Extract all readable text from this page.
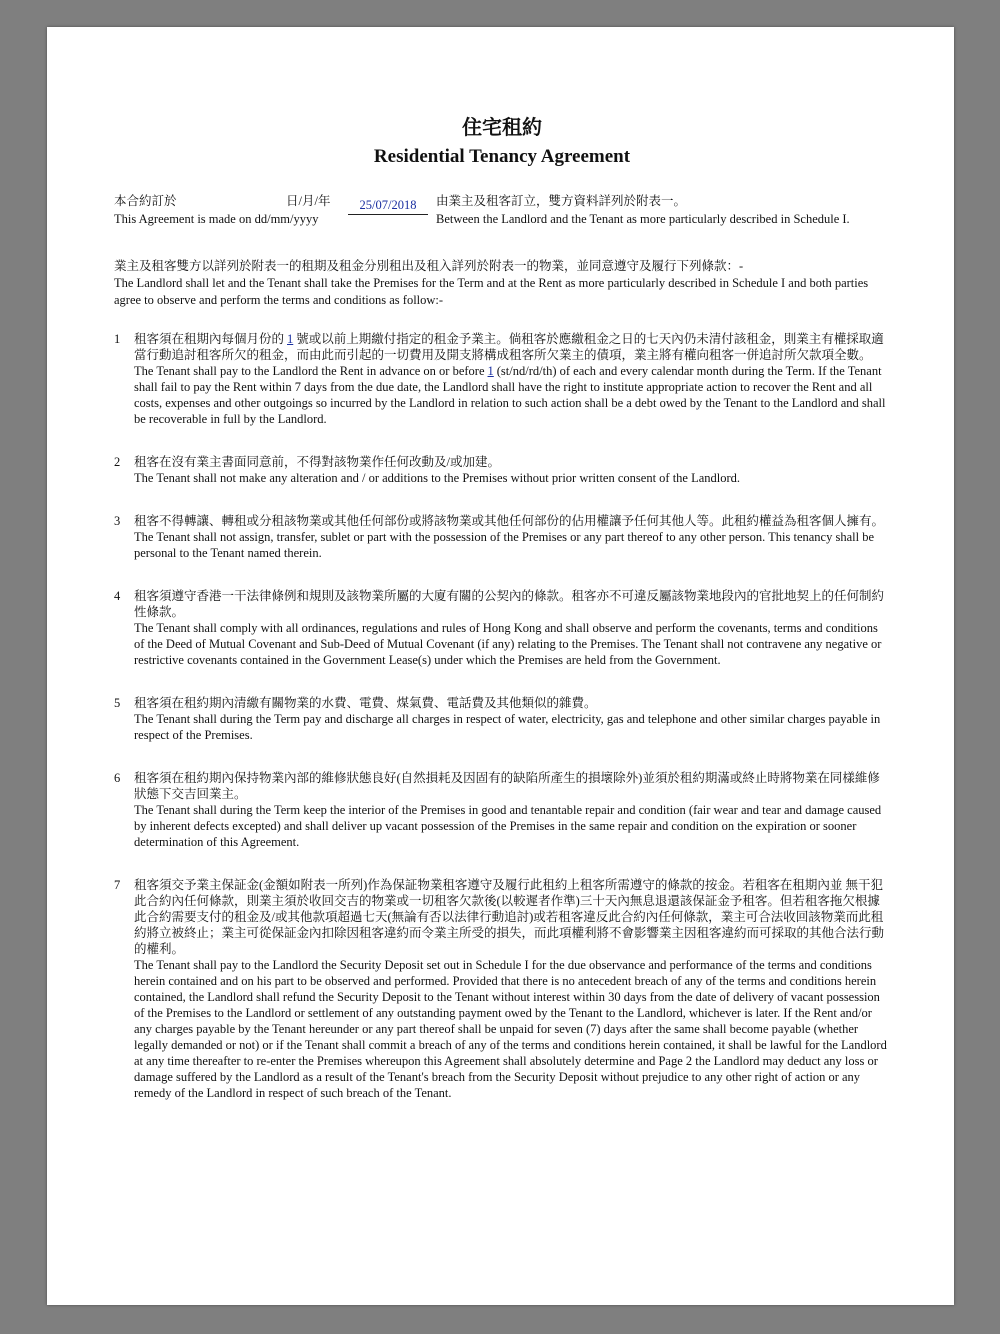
住宅租約
Residential Tenancy Agreement
本合約訂於
This Agreement is made on dd/mm/yyyy
日/月/年	25/07/2018	由業主及租客訂立，雙方資料詳列於附表一。
Between the Landlord and the Tenant as more particularly described in Schedule I.
業主及租客雙方以詳列於附表一的租期及租金分別租出及租入詳列於附表一的物業，並同意遵守及履行下列條款：-
The Landlord shall let and the Tenant shall take the Premises for the Term and at the Rent as more particularly described in Schedule I and both parties agree to observe and perform the terms and conditions as follow:-
1 租客須在租期內每個月份的 1 號或以前上期繳付指定的租金予業主。倘租客於應繳租金之日的七天內仍未清付該租金，則業主有權採取適當行動追討租客所欠的租金，而由此而引起的一切費用及開支將構成租客所欠業主的債項，業主將有權向租客一併追討所欠款項全數。

The Tenant shall pay to the Landlord the Rent in advance on or before 1 (st/nd/rd/th) of each and every calendar month during the Term. If the Tenant shall fail to pay the Rent within 7 days from the due date, the Landlord shall have the right to institute appropriate action to recover the Rent and all costs, expenses and other outgoings so incurred by the Landlord in relation to such action shall be a debt owed by the Tenant to the Landlord and shall be recoverable in full by the Landlord.

2 租客在沒有業主書面同意前，不得對該物業作任何改動及/或加建。

The Tenant shall not make any alteration and / or additions to the Premises without prior written consent of the Landlord.

3 租客不得轉讓、轉租或分租該物業或其他任何部份或將該物業或其他任何部份的佔用權讓予任何其他人等。此租約權益為租客個人擁有。

The Tenant shall not assign, transfer, sublet or part with the possession of the Premises or any part thereof to any other person. This tenancy shall be personal to the Tenant named therein.

4 租客須遵守香港一干法律條例和規則及該物業所屬的大廈有關的公契內的條款。租客亦不可違反屬該物業地段內的官批地契上的任何制約性條款。

The Tenant shall comply with all ordinances, regulations and rules of Hong Kong and shall observe and perform the covenants, terms and conditions of the Deed of Mutual Covenant and Sub-Deed of Mutual Covenant (if any) relating to the Premises. The Tenant shall not contravene any negative or restrictive covenants contained in the Government Lease(s) under which the Premises are held from the Government.

5 租客須在租約期內清繳有關物業的水費、電費、煤氣費、電話費及其他類似的雜費。

The Tenant shall during the Term pay and discharge all charges in respect of water, electricity, gas and telephone and other similar charges payable in respect of the Premises.

6 租客須在租約期內保持物業內部的維修狀態良好(自然損耗及因固有的缺陷所產生的損壞除外)並須於租約期滿或終止時將物業在同樣維修狀態下交吉回業主。

The Tenant shall during the Term keep the interior of the Premises in good and tenantable repair and condition (fair wear and tear and damage caused by inherent defects excepted) and shall deliver up vacant possession of the Premises in the same repair and condition on the expiration or sooner determination of this Agreement.

7 租客須交予業主保証金(金額如附表一所列)作為保証物業租客遵守及履行此租約上租客所需遵守的條款的按金。若租客在租期內並 無干犯此合約內任何條款，則業主須於收回交吉的物業或一切租客欠款後(以較遲者作準)三十天內無息退還該保証金予租客。但若租客拖欠根據此合約需要支付的租金及/或其他款項超過七天(無論有否以法律行動追討)或若租客違反此合約內任何條款，業主可合法收回該物業而此租約將立被終止；業主可從保証金內扣除因租客違約而令業主所受的損失，而此項權利將不會影響業主因租客違約而可採取的其他合法行動的權利。

The Tenant shall pay to the Landlord the Security Deposit set out in Schedule I for the due observance and performance of the terms and conditions herein contained and on his part to be observed and performed. Provided that there is no antecedent breach of any of the terms and conditions herein contained, the Landlord shall refund the Security Deposit to the Tenant without interest within 30 days from the date of delivery of vacant possession of the Premises to the Landlord or settlement of any outstanding payment owed by the Tenant to the Landlord, whichever is later. If the Rent and/or any charges payable by the Tenant hereunder or any part thereof shall be unpaid for seven (7) days after the same shall become payable (whether legally demanded or not) or if the Tenant shall commit a breach of any of the terms and conditions herein contained, it shall be lawful for the Landlord at any time thereafter to re-enter the Premises whereupon this Agreement shall absolutely determine and Page 2 the Landlord may deduct any loss or damage suffered by the Landlord as a result of the Tenant's breach from the Security Deposit without prejudice to any other right of action or any remedy of the Landlord in respect of such breach of the Tenant.
